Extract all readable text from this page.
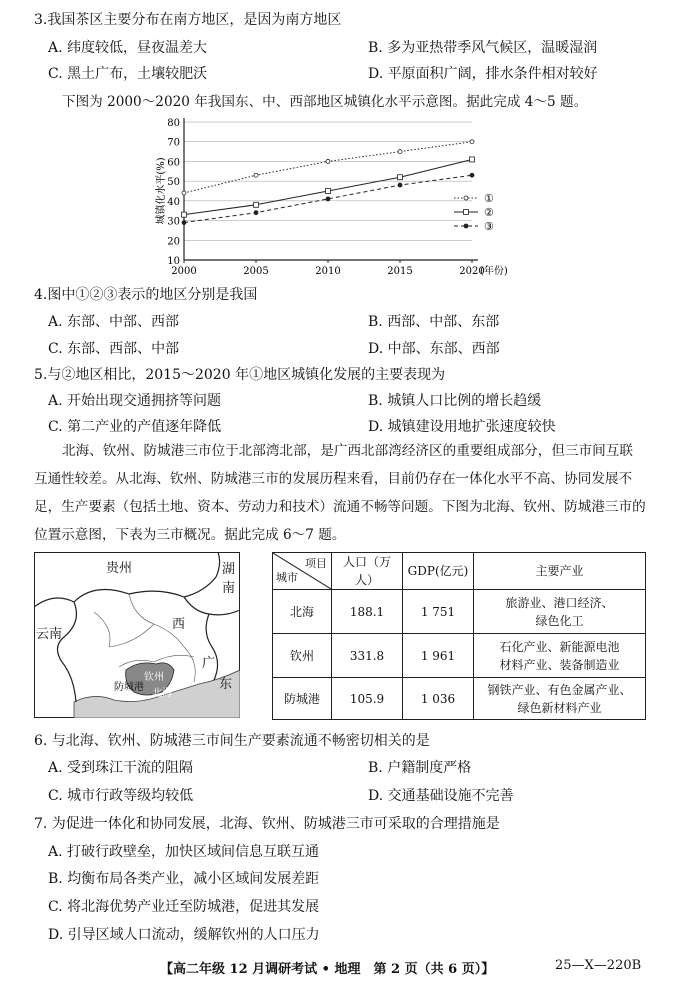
3.我国茶区主要分布在南方地区，是因为南方地区
A. 纬度较低，昼夜温差大	B. 多为亚热带季风气候区，温暖湿润
C. 黑土广布，土壤较肥沃	D. 平原面积广阔，排水条件相对较好
下图为 2000～2020 年我国东、中、西部地区城镇化水平示意图。据此完成 4～5 题。
10
20
30
40
50
60
70
80
2000	2005	2010	2015	2020
(年份)
城镇化水平(%)	①
②
③
4.图中①②③表示的地区分别是我国
A. 东部、中部、西部	B. 西部、中部、东部
C. 东部、西部、中部	D. 中部、东部、西部
5.与②地区相比，2015～2020 年①地区城镇化发展的主要表现为
A. 开始出现交通拥挤等问题	B. 城镇人口比例的增长趋缓
C. 第二产业的产值逐年降低	D. 城镇建设用地扩张速度较快
北海、钦州、防城港三市位于北部湾北部，是广西北部湾经济区的重要组成部分，但三市间互联互通性较差。从北海、钦州、防城港三市的发展历程来看，目前仍存在一体化水平不高、协同发展不足，生产要素（包括土地、资本、劳动力和技术）流通不畅等问题。下图为北海、钦州、防城港三市的位置示意图，下表为三市概况。据此完成 6～7 题。
贵州	湖
南
西
云南
广
东
钦州
防城港
北海
项目
城市	人口（万人）	GDP(亿元)	主要产业
北海	188.1	1 751	旅游业、港口经济、
绿色化工

钦州	331.8	1 961	石化产业、新能源电池
材料产业、装备制造业

防城港	105.9	1 036	钢铁产业、有色金属产业、
绿色新材料产业
6. 与北海、钦州、防城港三市间生产要素流通不畅密切相关的是
A. 受到珠江干流的阻隔	B. 户籍制度严格
C. 城市行政等级均较低	D. 交通基础设施不完善
7. 为促进一体化和协同发展，北海、钦州、防城港三市可采取的合理措施是
A. 打破行政壁垒，加快区域间信息互联互通
B. 均衡布局各类产业，减小区域间发展差距
C. 将北海优势产业迁至防城港，促进其发展
D. 引导区域人口流动，缓解钦州的人口压力
【高二年级 12 月调研考试 • 地理　第 2 页（共 6 页）】	25—X—220B
